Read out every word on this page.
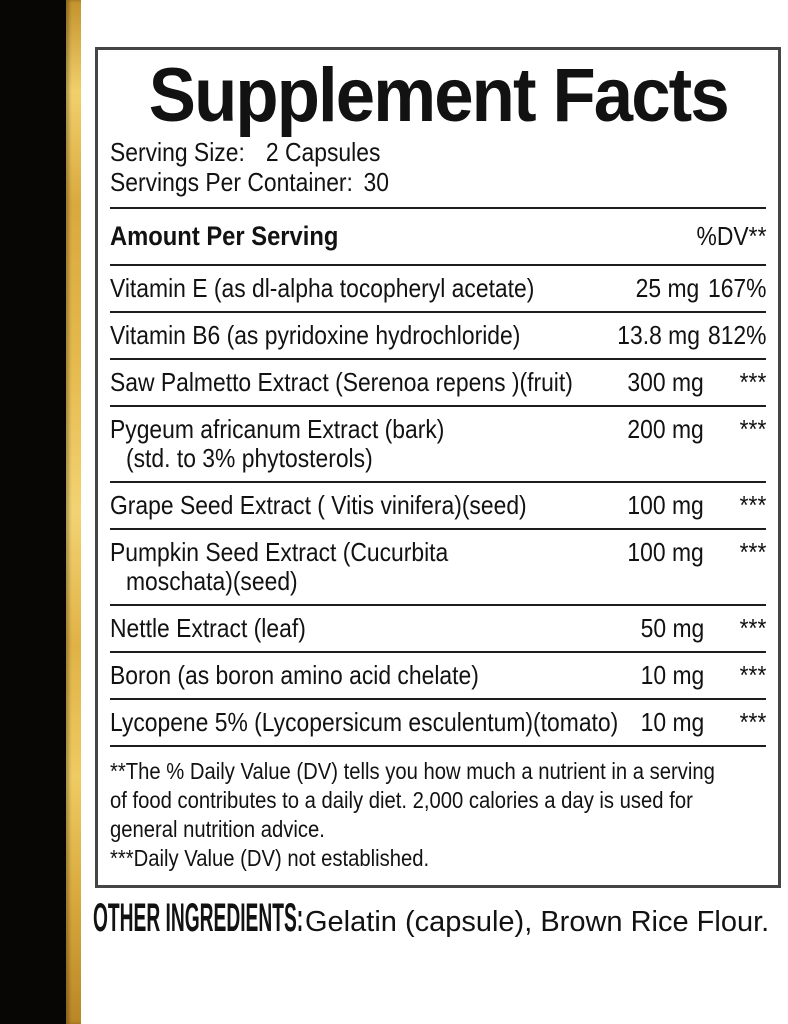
Supplement Facts
Serving Size: 2 Capsules
Servings Per Container: 30
Amount Per Serving	%DV**
Vitamin E (as dl-alpha tocopheryl acetate)	25 mg 167%
Vitamin B6 (as pyridoxine hydrochloride)	13.8 mg 812%
Saw Palmetto Extract (Serenoa repens )(fruit)	300 mg	***
Pygeum africanum Extract (bark)
(std. to 3% phytosterols)
200 mg	***
Grape Seed Extract ( Vitis vinifera)(seed)	100 mg	***
Pumpkin Seed Extract (Cucurbita
moschata)(seed)
100 mg	***
Nettle Extract (leaf)	50 mg	***
Boron (as boron amino acid chelate)	10 mg	***
Lycopene 5% (Lycopersicum esculentum)(tomato) 10 mg	***
**The % Daily Value (DV) tells you how much a nutrient in a serving
of food contributes to a daily diet. 2,000 calories a day is used for
general nutrition advice.
***Daily Value (DV) not established.
OTHER INGREDIENTS:Gelatin (capsule), Brown Rice Flour.
